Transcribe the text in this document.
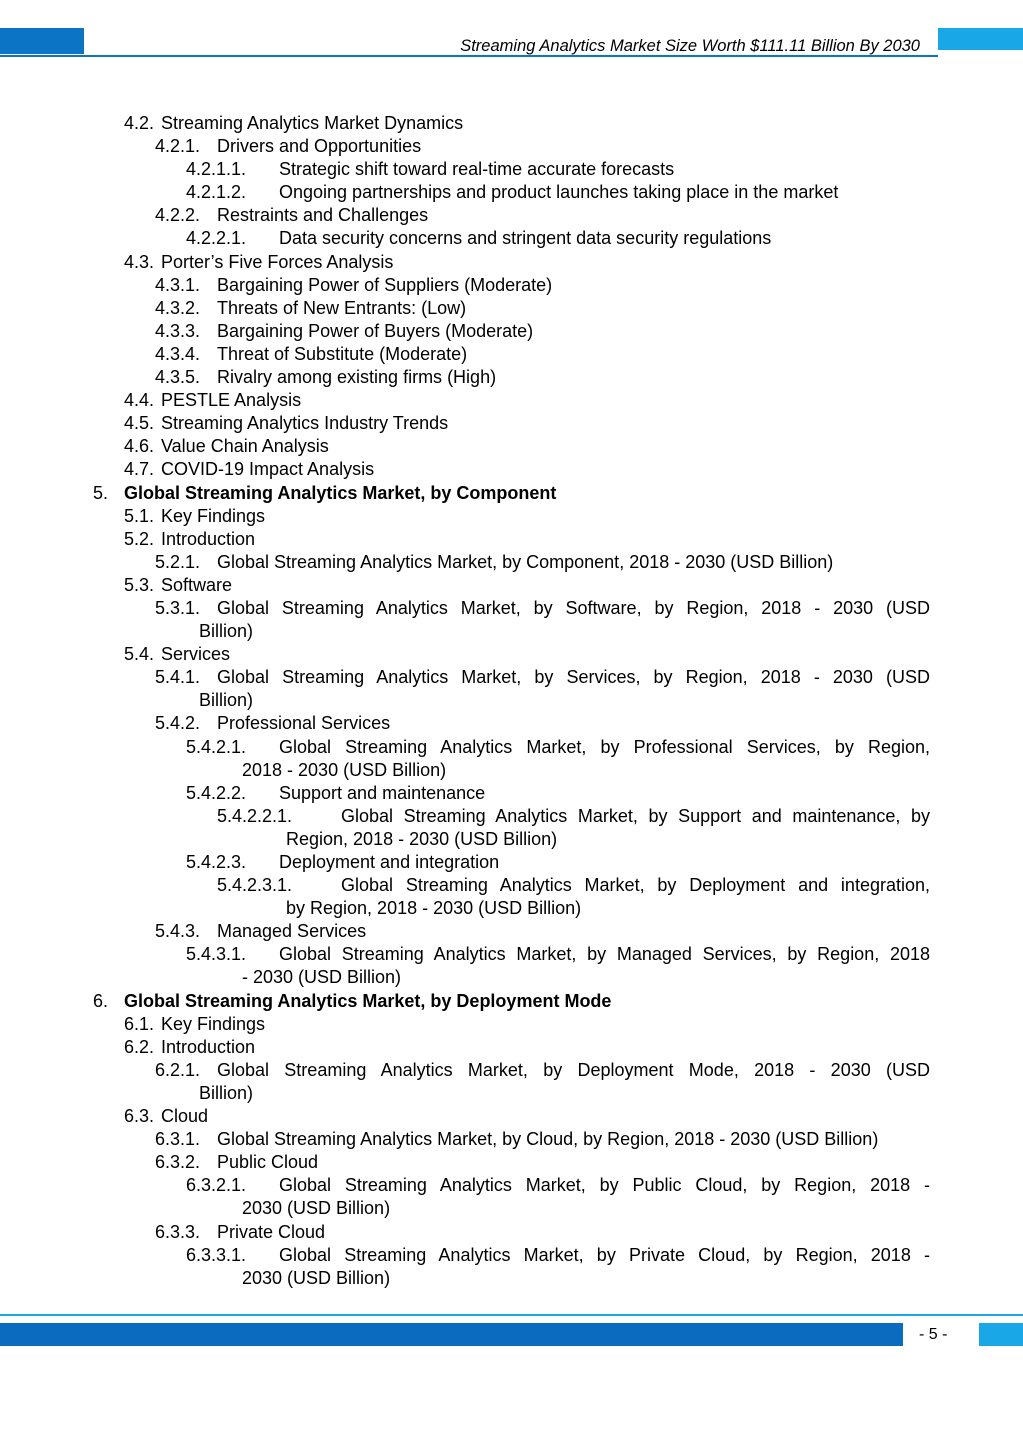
Streaming Analytics Market Size Worth $111.11 Billion By 2030
4.2. Streaming Analytics Market Dynamics
4.2.1. Drivers and Opportunities
4.2.1.1. Strategic shift toward real-time accurate forecasts
4.2.1.2. Ongoing partnerships and product launches taking place in the market
4.2.2. Restraints and Challenges
4.2.2.1. Data security concerns and stringent data security regulations
4.3. Porter’s Five Forces Analysis
4.3.1. Bargaining Power of Suppliers (Moderate)
4.3.2. Threats of New Entrants: (Low)
4.3.3. Bargaining Power of Buyers (Moderate)
4.3.4. Threat of Substitute (Moderate)
4.3.5. Rivalry among existing firms (High)
4.4. PESTLE Analysis
4.5. Streaming Analytics Industry Trends
4.6. Value Chain Analysis
4.7. COVID-19 Impact Analysis
5. Global Streaming Analytics Market, by Component
5.1. Key Findings
5.2. Introduction
5.2.1. Global Streaming Analytics Market, by Component, 2018 - 2030 (USD Billion)
5.3. Software
5.3.1. Global Streaming Analytics Market, by Software, by Region, 2018 - 2030 (USD
Billion)
5.4. Services
5.4.1. Global Streaming Analytics Market, by Services, by Region, 2018 - 2030 (USD
Billion)
5.4.2. Professional Services
5.4.2.1. Global Streaming Analytics Market, by Professional Services, by Region,
2018 - 2030 (USD Billion)
5.4.2.2. Support and maintenance
5.4.2.2.1.	Global Streaming Analytics Market, by Support and maintenance, by
Region, 2018 - 2030 (USD Billion)
5.4.2.3. Deployment and integration
5.4.2.3.1.	Global Streaming Analytics Market, by Deployment and integration,
by Region, 2018 - 2030 (USD Billion)
5.4.3. Managed Services
5.4.3.1. Global Streaming Analytics Market, by Managed Services, by Region, 2018
- 2030 (USD Billion)
6. Global Streaming Analytics Market, by Deployment Mode
6.1. Key Findings
6.2. Introduction
6.2.1. Global Streaming Analytics Market, by Deployment Mode, 2018 - 2030 (USD
Billion)
6.3. Cloud
6.3.1. Global Streaming Analytics Market, by Cloud, by Region, 2018 - 2030 (USD Billion)
6.3.2. Public Cloud
6.3.2.1. Global Streaming Analytics Market, by Public Cloud, by Region, 2018 -
2030 (USD Billion)
6.3.3. Private Cloud
6.3.3.1. Global Streaming Analytics Market, by Private Cloud, by Region, 2018 -
2030 (USD Billion)
- 5 -
